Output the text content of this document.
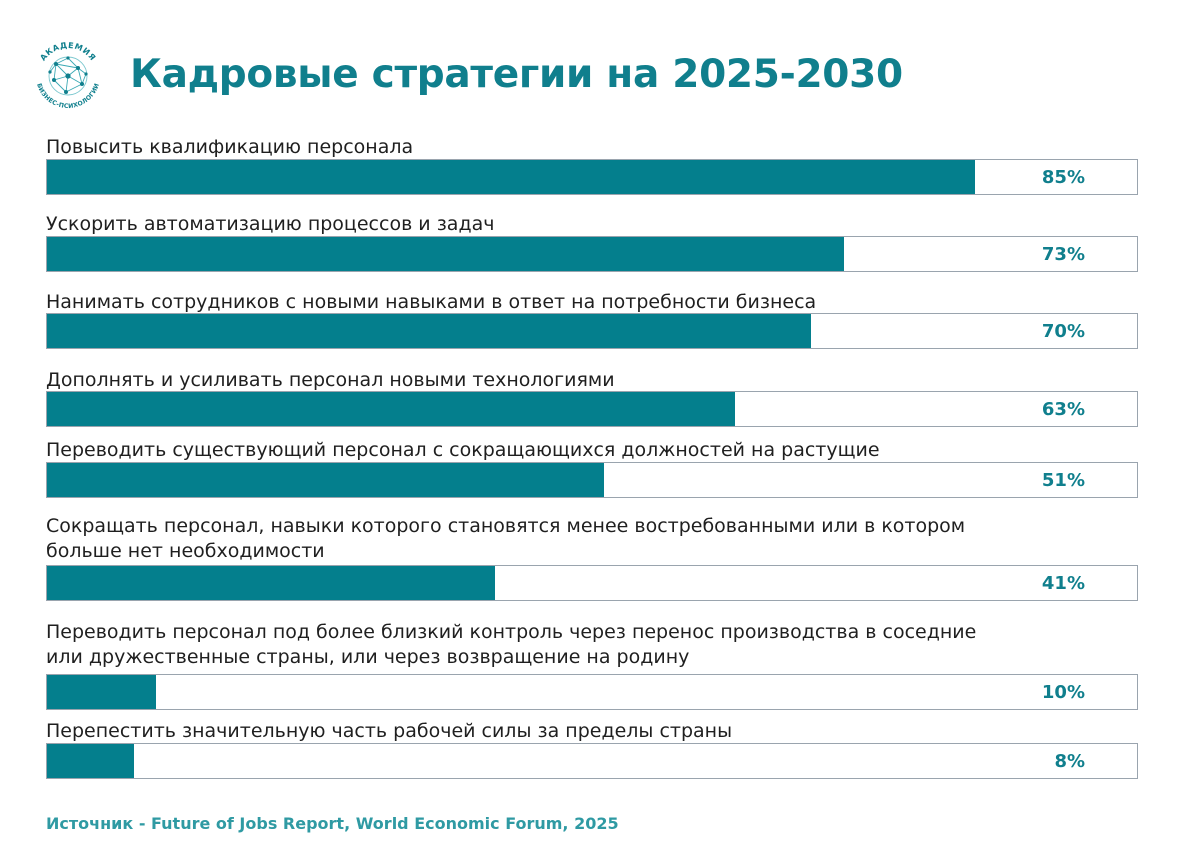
АКАДЕМИЯ
БИЗНЕС-ПСИХОЛОГИИ Кадровые стратегии на 2025-2030
Повысить квалификацию персонала
85%
Ускорить автоматизацию процессов и задач
73%
Нанимать сотрудников с новыми навыками в ответ на потребности бизнеса
70%
Дополнять и усиливать персонал новыми технологиями
63%
Переводить существующий персонал с сокращающихся должностей на растущие
51%
Сокращать персонал, навыки которого становятся менее востребованными или в котором больше нет необходимости
41%
Переводить персонал под более близкий контроль через перенос производства в соседние или дружественные страны, или через возвращение на родину
10%
Перепестить значительную часть рабочей силы за пределы страны
8%
Источник - Future of Jobs Report, World Economic Forum, 2025
